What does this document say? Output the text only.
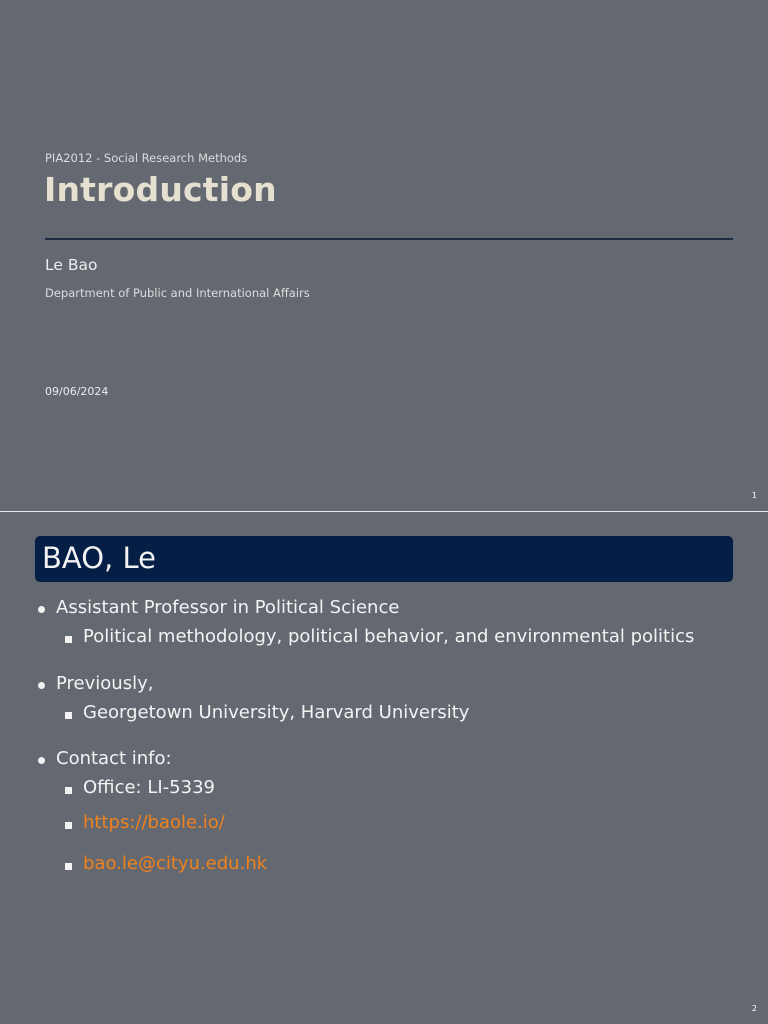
PIA2012 - Social Research Methods
Introduction
Le Bao
Department of Public and International Affairs
09/06/2024
1
BAO, Le
Assistant Professor in Political Science
Political methodology, political behavior, and environmental politics
Previously,
Georgetown University, Harvard University
Contact info:
Office: LI-5339
https://baole.io/
bao.le@cityu.edu.hk
2
